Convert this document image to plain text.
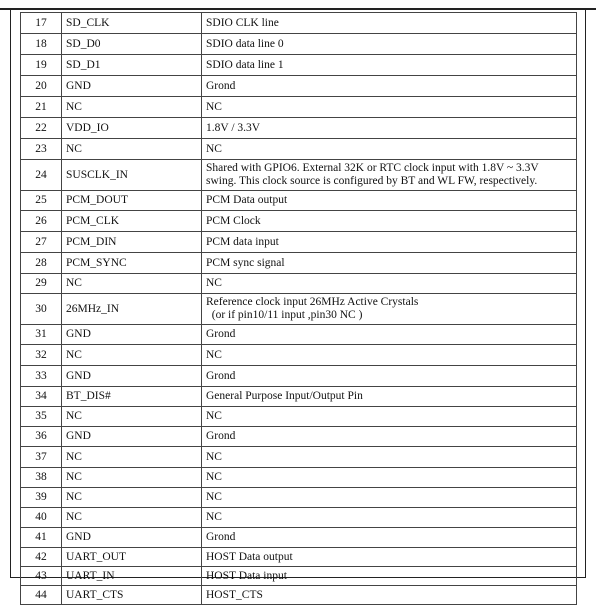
17	SD_CLK	SDIO CLK line
18	SD_D0	SDIO data line 0
19	SD_D1	SDIO data line 1
20	GND	Grond
21	NC	NC
22	VDD_IO	1.8V / 3.3V
23	NC	NC
24	SUSCLK_IN	Shared with GPIO6. External 32K or RTC clock input with 1.8V ~ 3.3V
swing. This clock source is configured by BT and WL FW, respectively.

25	PCM_DOUT	PCM Data output
26	PCM_CLK	PCM Clock
27	PCM_DIN	PCM data input
28	PCM_SYNC	PCM sync signal
29	NC	NC
30	26MHz_IN	Reference clock input 26MHz Active Crystals
(or if pin10/11 input ,pin30 NC )

31	GND	Grond
32	NC	NC
33	GND	Grond
34	BT_DIS#	General Purpose Input/Output Pin
35	NC	NC
36	GND	Grond
37	NC	NC
38	NC	NC
39	NC	NC
40	NC	NC
41	GND	Grond
42	UART_OUT	HOST Data output
43	UART_IN	HOST Data input
44	UART_CTS	HOST_CTS
